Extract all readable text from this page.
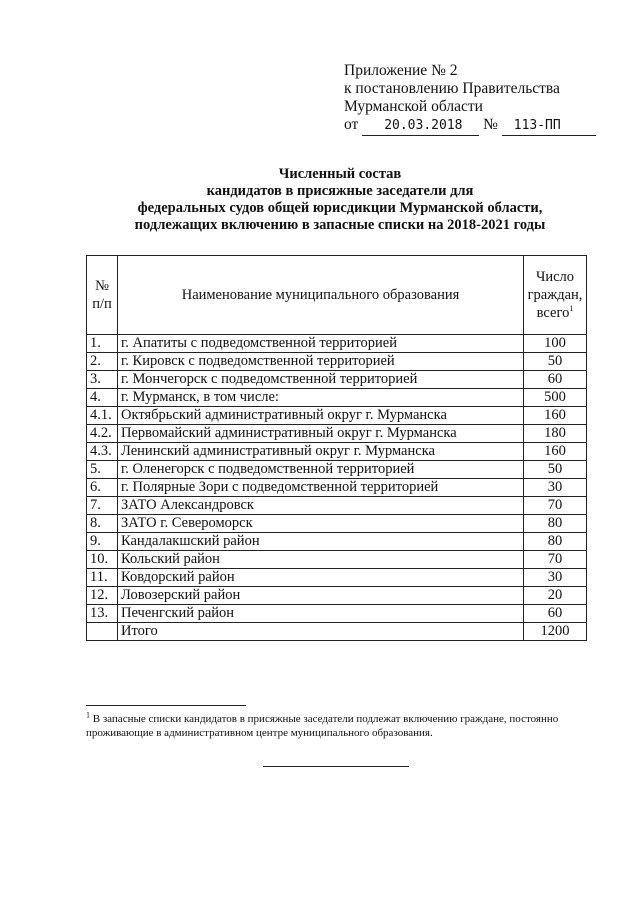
Приложение № 2
к постановлению Правительства
Мурманской области
от 20.03.2018 № 113-ПП
Численный состав
кандидатов в присяжные заседатели для
федеральных судов общей юрисдикции Мурманской области,
подлежащих включению в запасные списки на 2018-2021 годы
№
п/п	Наименование муниципального образования	Число граждан, всего$^1$
1.	г. Апатиты с подведомственной территорией	100
2.	г. Кировск с подведомственной территорией	50
3.	г. Мончегорск с подведомственной территорией	60
4.	г. Мурманск, в том числе:	500
4.1.	Октябрьский административный округ г. Мурманска	160
4.2.	Первомайский административный округ г. Мурманска	180
4.3.	Ленинский административный округ г. Мурманска	160
5.	г. Оленегорск с подведомственной территорией	50
6.	г. Полярные Зори с подведомственной территорией	30
7.	ЗАТО Александровск	70
8.	ЗАТО г. Североморск	80
9.	Кандалакшский район	80
10.	Кольский район	70
11.	Ковдорский район	30
12.	Ловозерский район	20
13.	Печенгский район	60
	Итого	1200
$^1$ В запасные списки кандидатов в присяжные заседатели подлежат включению граждане, постоянно проживающие в административном центре муниципального образования.
